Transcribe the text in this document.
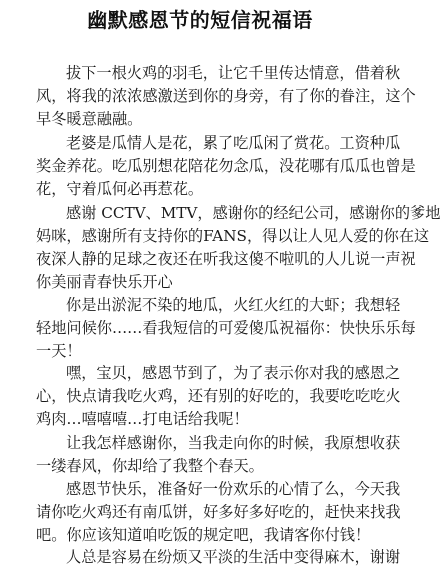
幽默感恩节的短信祝福语

拔下一根火鸡的羽毛，让它千里传达情意，借着秋
风，将我的浓浓感激送到你的身旁，有了你的眷注，这个
早冬暖意融融。

老婆是瓜情人是花，累了吃瓜闲了赏花。工资种瓜
奖金养花。吃瓜别想花陪花勿念瓜，没花哪有瓜瓜也曾是
花，守着瓜何必再惹花。

感谢 CCTV、MTV，感谢你的经纪公司，感谢你的爹地
妈咪，感谢所有支持你的FANS，得以让人见人爱的你在这
夜深人静的足球之夜还在听我这傻不啦叽的人儿说一声祝
你美丽青春快乐开心

你是出淤泥不染的地瓜，火红火红的大虾；我想轻
轻地问候你……看我短信的可爱傻瓜祝福你：快快乐乐每
一天！

嘿，宝贝，感恩节到了，为了表示你对我的感恩之
心，快点请我吃火鸡，还有别的好吃的，我要吃吃吃火
鸡肉…嘻嘻嘻…打电话给我呢！

让我怎样感谢你，当我走向你的时候，我原想收获
一缕春风，你却给了我整个春天。

感恩节快乐，准备好一份欢乐的心情了么，今天我
请你吃火鸡还有南瓜饼，好多好多好吃的，赶快来找我
吧。你应该知道咱吃饭的规定吧，我请客你付钱！

人总是容易在纷烦又平淡的生活中变得麻木，谢谢
